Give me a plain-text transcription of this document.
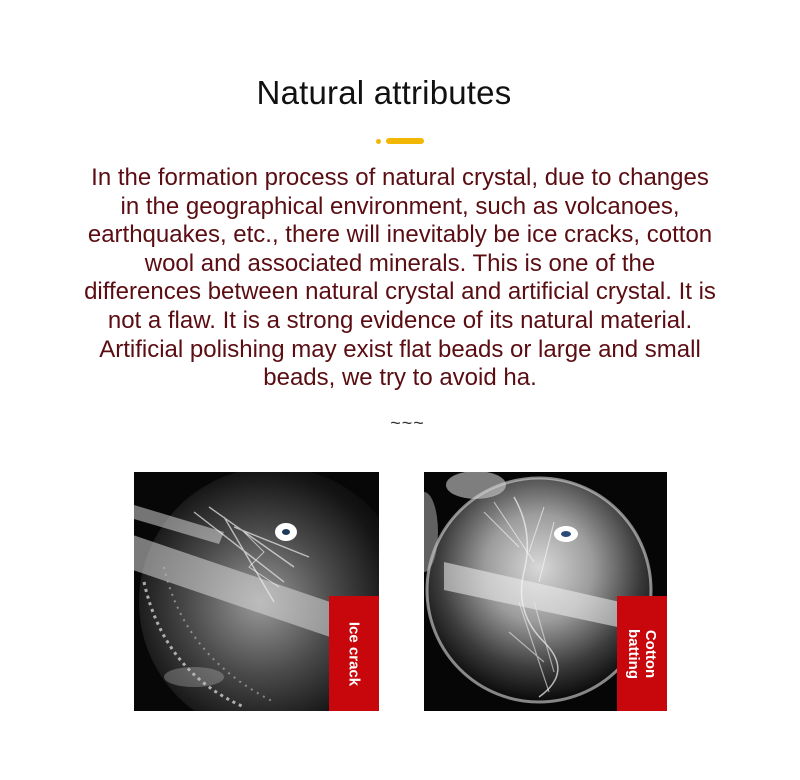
Natural attributes

In the formation process of natural crystal, due to changes in the geographical environment, such as volcanoes, earthquakes, etc., there will inevitably be ice cracks, cotton wool and associated minerals. This is one of the differences between natural crystal and artificial crystal. It is not a flaw. It is a strong evidence of its natural material. Artificial polishing may exist flat beads or large and small beads, we try to avoid ha.

~~~
Ice crack	Cotton batting
